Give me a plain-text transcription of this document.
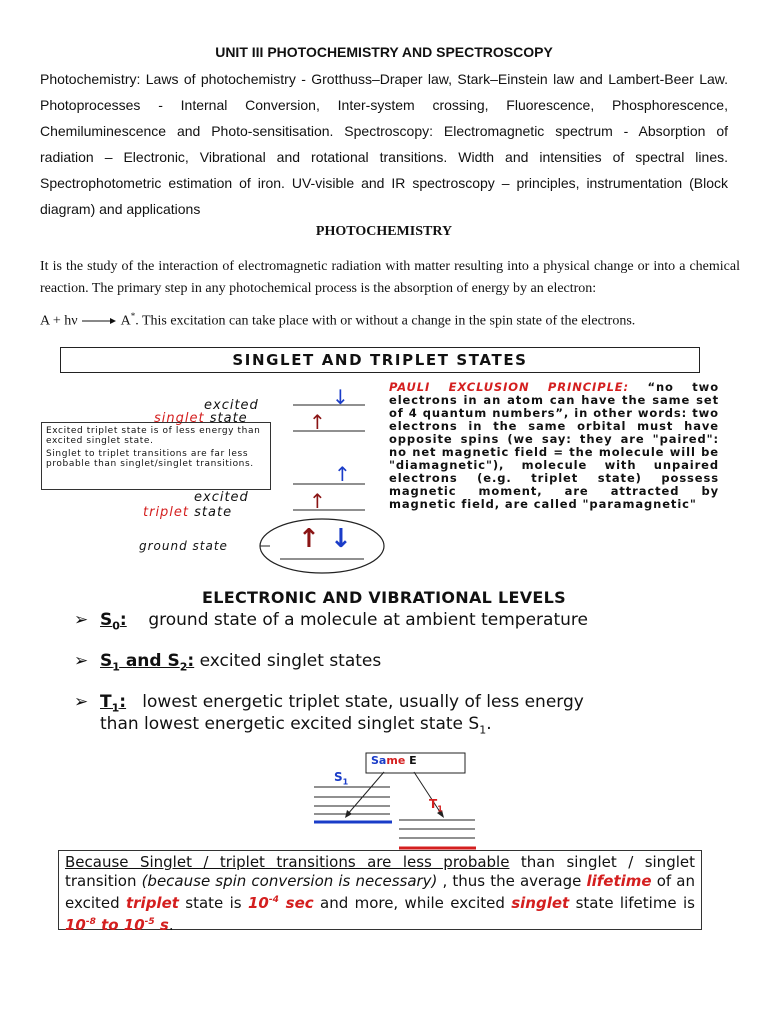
UNIT III PHOTOCHEMISTRY AND SPECTROSCOPY
Photochemistry: Laws of photochemistry - Grotthuss–Draper law, Stark–Einstein law and Lambert-Beer Law. Photoprocesses - Internal Conversion, Inter-system crossing, Fluorescence, Phosphorescence, Chemiluminescence and Photo-sensitisation. Spectroscopy: Electromagnetic spectrum - Absorption of radiation – Electronic, Vibrational and rotational transitions. Width and intensities of spectral lines. Spectrophotometric estimation of iron. UV-visible and IR spectroscopy – principles, instrumentation (Block diagram) and applications
PHOTOCHEMISTRY
It is the study of the interaction of electromagnetic radiation with matter resulting into a physical change or into a chemical reaction. The primary step in any photochemical process is the absorption of energy by an electron:
A + hν → A*. This excitation can take place with or without a change in the spin state of the electrons.
SINGLET AND TRIPLET STATES
↓
↑
↑
↑
↑ ↓
excited
singlet state
Excited triplet state is of less energy than excited singlet state.
Singlet to triplet transitions are far less probable than singlet/singlet transitions.
excited
triplet state
ground state
PAULI EXCLUSION PRINCIPLE: “no two electrons in an atom can have the same set of 4 quantum numbers”, in other words: two electrons in the same orbital must have opposite spins (we say: they are "paired": no net magnetic field = the molecule will be "diamagnetic"), molecule with unpaired electrons (e.g. triplet state) possess magnetic moment, are attracted by magnetic field, are called "paramagnetic"
ELECTRONIC AND VIBRATIONAL LEVELS
➢ $S_0$: ground state of a molecule at ambient temperature
➢ $S_1$ and $S_2$: excited singlet states
➢ $T_1$: lowest energetic triplet state, usually of less energy
than lowest energetic excited singlet state $S_1$.
Same E
$S_1$
$T_1$
Because Singlet / triplet transitions are less probable than singlet / singlet transition (because spin conversion is necessary) , thus the average lifetime of an excited triplet state is $10^{-4}$ sec and more, while excited singlet state lifetime is $10^{-8}$ to $10^{-5}$ s.
